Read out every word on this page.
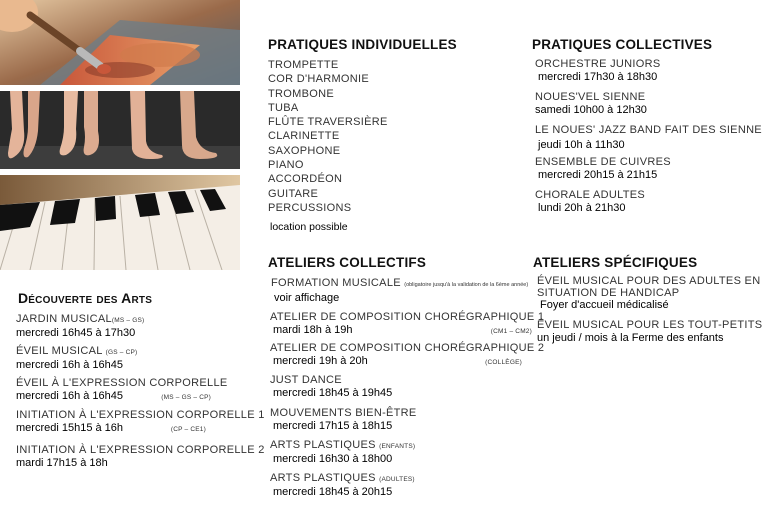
Découverte des Arts
JARDIN MUSICAL(MS – GS)
mercredi 16h45 à 17h30
ÉVEIL MUSICAL (GS – CP)
mercredi 16h à 16h45
ÉVEIL À L'EXPRESSION CORPORELLE
mercredi 16h à 16h45	(MS – GS – CP)
INITIATION À L'EXPRESSION CORPORELLE 1
mercredi 15h15 à 16h	(CP – CE1)
INITIATION À L'EXPRESSION CORPORELLE 2
mardi 17h15 à 18h
PRATIQUES INDIVIDUELLES
TROMPETTE
COR D'HARMONIE
TROMBONE
TUBA
FLÛTE TRAVERSIÈRE
CLARINETTE
SAXOPHONE
PIANO
ACCORDÉON
GUITARE
PERCUSSIONS
location possible
PRATIQUES COLLECTIVES
ORCHESTRE JUNIORS
mercredi 17h30 à 18h30
NOUES'VEL SIENNE
samedi 10h00 à 12h30
LE NOUES' JAZZ BAND FAIT DES SIENNE
jeudi 10h à 11h30
ENSEMBLE DE CUIVRES
mercredi 20h15 à 21h15
CHORALE ADULTES
lundi 20h à 21h30
ATELIERS COLLECTIFS
FORMATION MUSICALE (obligatoire jusqu'à la validation de la 6ème année)
voir affichage
ATELIER DE COMPOSITION CHORÉGRAPHIQUE 1
mardi 18h à 19h	(CM1 – CM2)
ATELIER DE COMPOSITION CHORÉGRAPHIQUE 2
mercredi 19h à 20h	(COLLÈGE)
JUST DANCE
mercredi 18h45 à 19h45
MOUVEMENTS BIEN-ÊTRE
mercredi 17h15 à 18h15
ARTS PLASTIQUES (ENFANTS)
mercredi 16h30 à 18h00
ARTS PLASTIQUES (ADULTES)
mercredi 18h45 à 20h15
ATELIERS SPÉCIFIQUES
ÉVEIL MUSICAL POUR DES ADULTES EN
SITUATION DE HANDICAP
Foyer d'accueil médicalisé
ÉVEIL MUSICAL POUR LES TOUT-PETITS
un jeudi / mois à la Ferme des enfants
